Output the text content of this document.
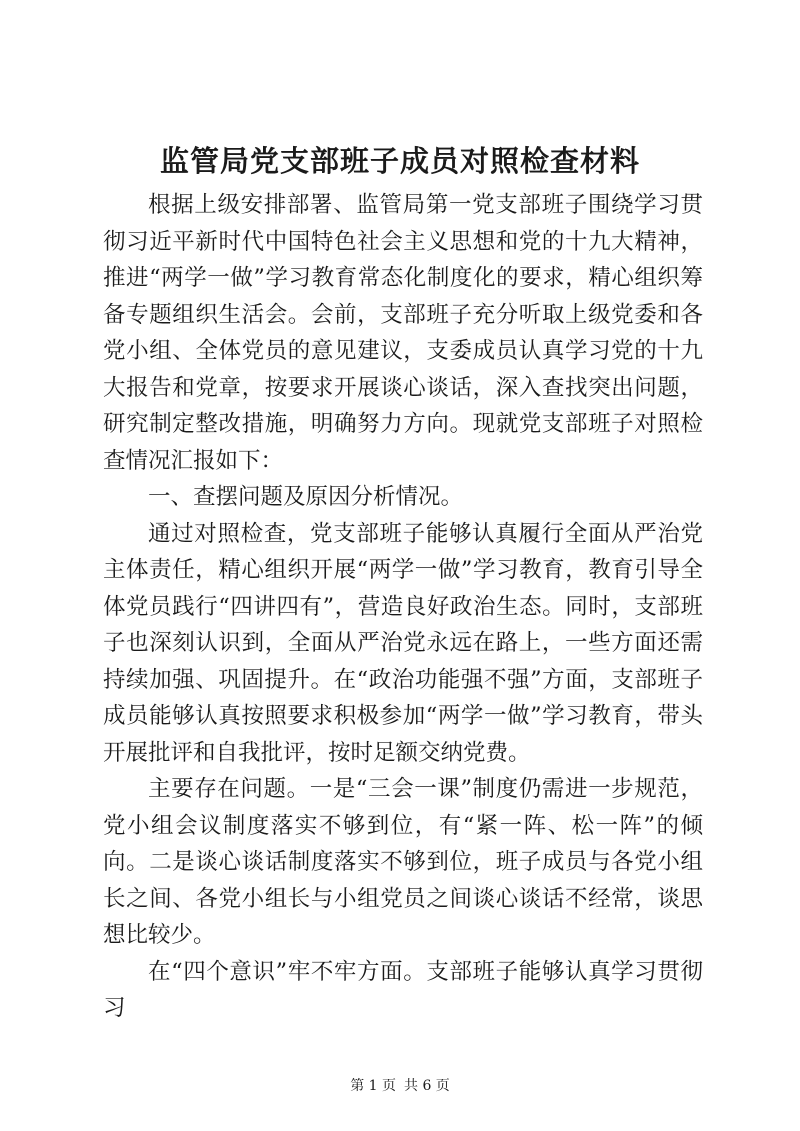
监管局党支部班子成员对照检查材料

根据上级安排部署、监管局第一党支部班子围绕学习贯彻习近平新时代中国特色社会主义思想和党的十九大精神，推进“两学一做”学习教育常态化制度化的要求，精心组织筹备专题组织生活会。会前，支部班子充分听取上级党委和各党小组、全体党员的意见建议，支委成员认真学习党的十九大报告和党章，按要求开展谈心谈话，深入查找突出问题，研究制定整改措施，明确努力方向。现就党支部班子对照检查情况汇报如下：

一、查摆问题及原因分析情况。

通过对照检查，党支部班子能够认真履行全面从严治党主体责任，精心组织开展“两学一做”学习教育，教育引导全体党员践行“四讲四有”，营造良好政治生态。同时，支部班子也深刻认识到，全面从严治党永远在路上，一些方面还需持续加强、巩固提升。在“政治功能强不强”方面，支部班子成员能够认真按照要求积极参加“两学一做”学习教育，带头开展批评和自我批评，按时足额交纳党费。

主要存在问题。一是“三会一课”制度仍需进一步规范，党小组会议制度落实不够到位，有“紧一阵、松一阵”的倾向。二是谈心谈话制度落实不够到位，班子成员与各党小组长之间、各党小组长与小组党员之间谈心谈话不经常，谈思想比较少。

在“四个意识”牢不牢方面。支部班子能够认真学习贯彻习

第 1 页 共 6 页
